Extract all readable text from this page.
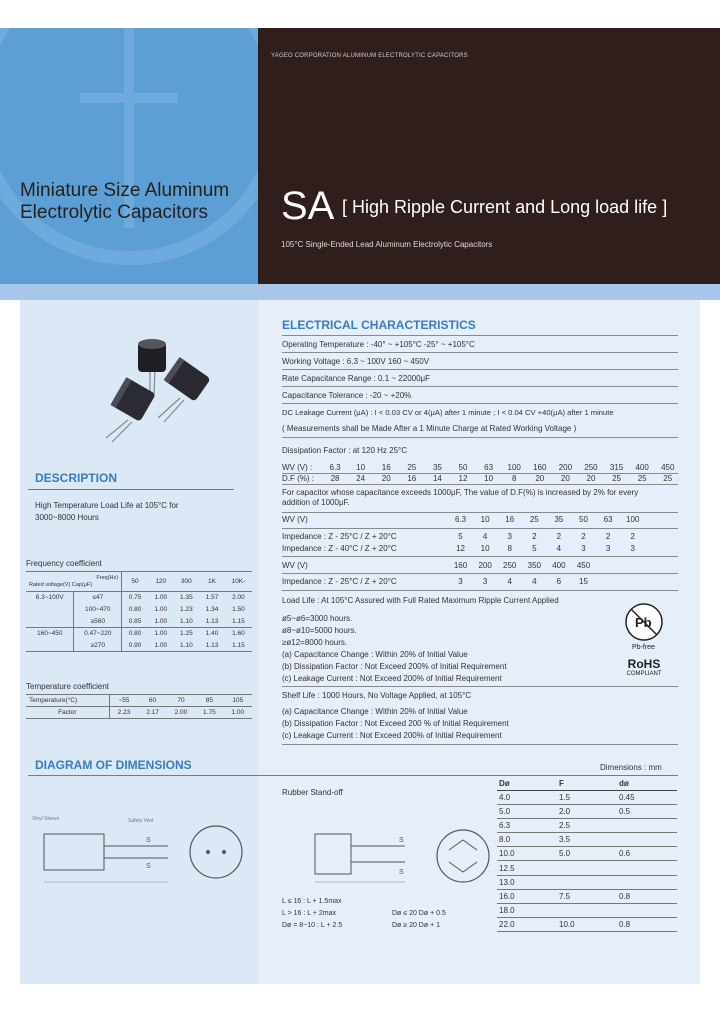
YAGEO CORPORATION ALUMINUM ELECTROLYTIC CAPACITORS
Miniature Size Aluminum
Electrolytic Capacitors	SA [ High Ripple Current and Long load life ]
105°C Single-Ended Lead Aluminum Electrolytic Capacitors
DESCRIPTION
High Temperature Load Life at 105°C for
3000~8000 Hours
Frequency coefficient
Freq(Hz)
Rated voltage(V) Cap(μF)		50	120	300	1K	10K-
6.3~100V	≤47	0.75	1.00	1.35	1.57	2.00
	100~470	0.80	1.00	1.23	1.34	1.50
	≥560	0.85	1.00	1.10	1.13	1.15
160~450	0.47~220	0.80	1.00	1.25	1.40	1.60
	≥270	0.90	1.00	1.10	1.13	1.15
Temperature coefficient
Temperature(°C)	~55	60	70	85	105
Factor	2.23	2.17	2.00	1.75	1.00
ELECTRICAL CHARACTERISTICS
Operating Temperature : -40° ~ +105°C -25° ~ +105°C
Working Voltage : 6.3 ~ 100V 160 ~ 450V
Rate Capacitance Range : 0.1 ~ 22000μF
Capacitance Tolerance : -20 ~ +20%
DC Leakage Current (μA) : I < 0.03 CV or 4(μA) after 1 minute ; I < 0.04 CV +40(μA) after 1 minute
( Measurements shall be Made After a 1 Minute Charge at Rated Working Voltage )
Dissipation Factor : at 120 Hz 25°C
WV (V) : 6.3 10 16 25 35 50 63 100 160 200 250 315 400 450
D.F (%) : 28 24 20 16 14 12 10 8 20 20 20 25 25 25
For capacitor whose capacitance exceeds 1000μF, The value of D.F(%) is increased by 2% for every
addition of 1000μF.
WV (V)	6.3 10 16 25 35 50 63 100
Impedance : Z - 25°C / Z + 20°C	5	4	3	2	2	2	2	2
Impedance : Z - 40°C / Z + 20°C	12 10 8	5	4	3	3	3
WV (V)	160 200 250 350 400 450
Impedance : Z - 25°C / Z + 20°C	3	3	4	4	6 15
Load Life : At 105°C Assured with Full Rated Maximum Ripple Current Applied
ø5~ø6=3000 hours.
ø8~ø10=5000 hours.
≥ø12=8000 hours.
(a) Capacitance Change : Within 20% of Initial Value
(b) Dissipation Factor : Not Exceed 200% of Initial Requirement
(c) Leakage Current : Not Exceed 200% of Initial Requirement
Shelf Life : 1000 Hours, No Voltage Applied, at 105°C
(a) Capacitance Change : Within 20% of Initial Value
(b) Dissipation Factor : Not Exceed 200 % of Initial Requirement
(c) Leakage Current : Not Exceed 200% of Initial Requirement
Pb
Pb-free
RoHS
COMPLIANT
DIAGRAM OF DIMENSIONS	Dimensions : mm
Rubber Stand-off
S
S
Vinyl Sleeve	Safety Vent
S
S
L ≤ 16 : L + 1.5max
L > 16 : L + 2max
Dø = 8~10 : L + 2.5
Dø ≤ 20 Dø + 0.5
Dø ≥ 20 Dø + 1
Dø	F	dø
4.0	1.5	0.45
5.0	2.0	0.5
6.3	2.5	
8.0	3.5	
10.0	5.0	0.6
12.5		
13.0		
16.0	7.5	0.8
18.0		
22.0	10.0	0.8
